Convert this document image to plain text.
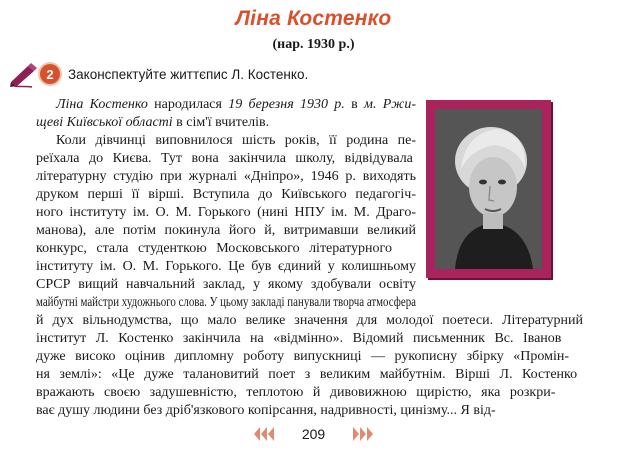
Ліна Костенко
(нар. 1930 р.)
2	Законспектуйте життєпис Л. Костенко.
Ліна Костенко народилася 19 березня 1930 р. в м. Ржи-
щеві Київської області в сім'ї вчителів.
Коли дівчинці виповнилося шість років, її родина пе-
реїхала до Києва. Тут вона закінчила школу, відвідувала
літературну студію при журналі «Дніпро», 1946 р. виходять
друком перші її вірші. Вступила до Київського педагогіч-
ного інституту ім. О. М. Горького (нині НПУ ім. М. Драго-
манова), але потім покинула його й, витримавши великий
конкурс, стала студенткою Московського літературного
інституту ім. О. М. Горького. Це був єдиний у колишньому
СРСР вищий навчальний заклад, у якому здобували освіту
майбутні майстри художнього слова. У цьому закладі панували творча атмосфера
й дух вільнодумства, що мало велике значення для молодої поетеси. Літературний
інститут Л. Костенко закінчила на «відмінно». Відомий письменник Вс. Іванов
дуже високо оцінив дипломну роботу випускниці — рукописну збірку «Промін-
ня землі»: «Це дуже талановитий поет з великим майбутнім. Вірші Л. Костенко
вражають своєю задушевністю, теплотою й дивовижною щирістю, яка розкри-
ває душу людини без дріб'язкового копірсання, надривності, цинізму... Я від-
209
